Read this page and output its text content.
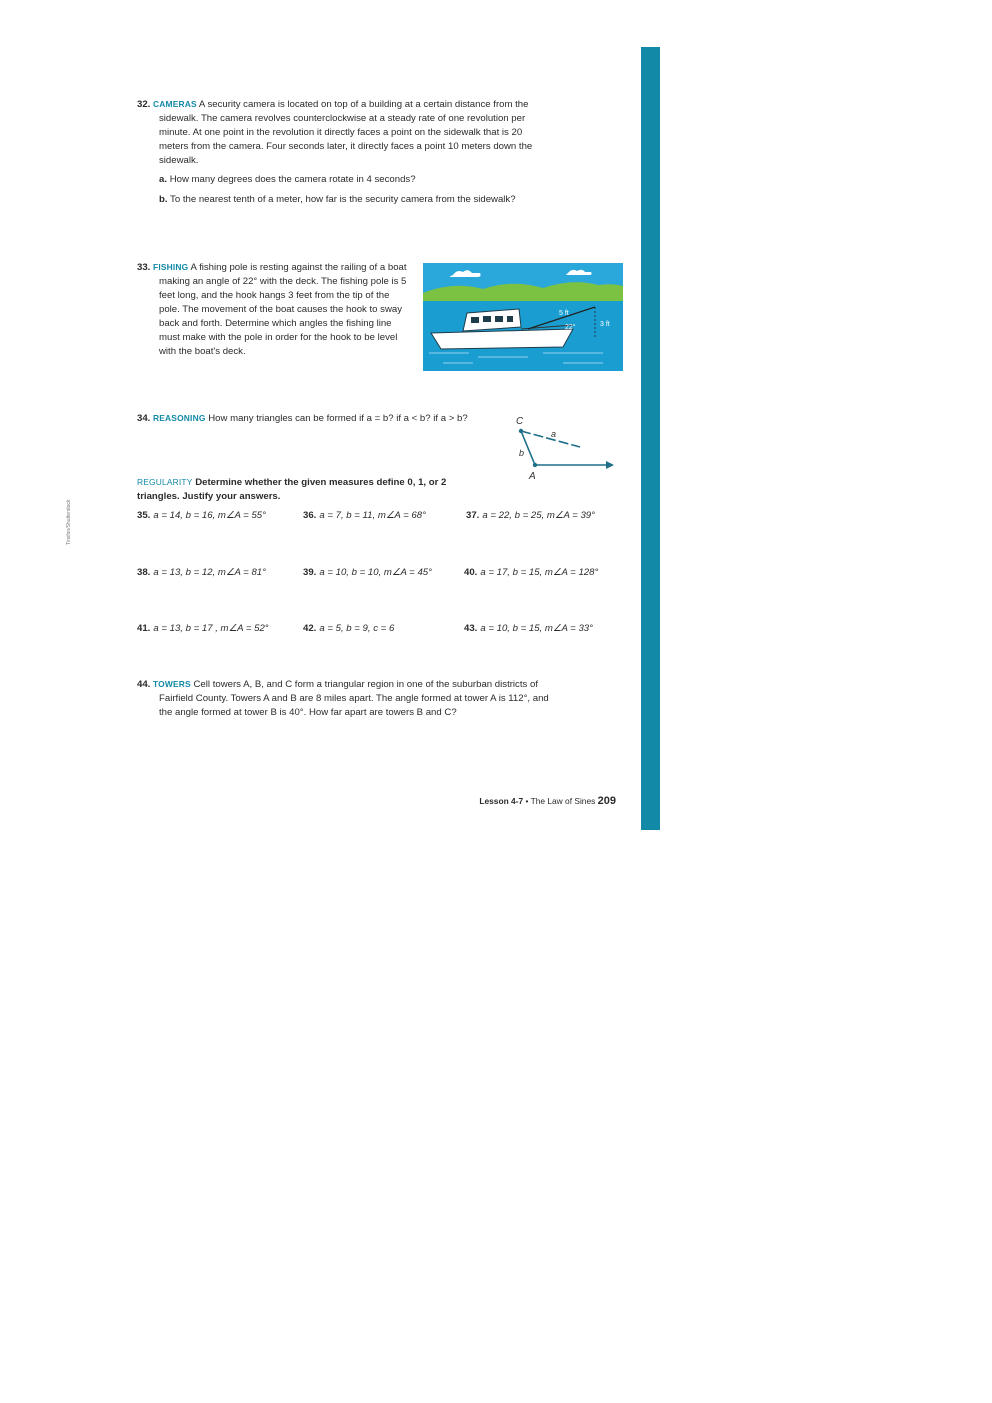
Tinxfon/Shutterstock
32. CAMERAS A security camera is located on top of a building at a certain distance from the sidewalk. The camera revolves counterclockwise at a steady rate of one revolution per minute. At one point in the revolution it directly faces a point on the sidewalk that is 20 meters from the camera. Four seconds later, it directly faces a point 10 meters down the sidewalk.
a. How many degrees does the camera rotate in 4 seconds?
b. To the nearest tenth of a meter, how far is the security camera from the sidewalk?
33. FISHING A fishing pole is resting against the railing of a boat making an angle of 22° with the deck. The fishing pole is 5 feet long, and the hook hangs 3 feet from the tip of the pole. The movement of the boat causes the hook to sway back and forth. Determine which angles the fishing line must make with the pole in order for the hook to be level with the boat's deck.
5 ft
22°	3 ft
34. REASONING How many triangles can be formed if a = b? if a < b? if a > b?	C
a
b
A
REGULARITY Determine whether the given measures define 0, 1, or 2 triangles. Justify your answers.
35. a = 14, b = 16, m∠A = 55°	36. a = 7, b = 11, m∠A = 68°	37. a = 22, b = 25, m∠A = 39°
38. a = 13, b = 12, m∠A = 81°	39. a = 10, b = 10, m∠A = 45°	40. a = 17, b = 15, m∠A = 128°
41. a = 13, b = 17 , m∠A = 52°	42. a = 5, b = 9, c = 6	43. a = 10, b = 15, m∠A = 33°
44. TOWERS Cell towers A, B, and C form a triangular region in one of the suburban districts of Fairfield County. Towers A and B are 8 miles apart. The angle formed at tower A is 112°, and the angle formed at tower B is 40°. How far apart are towers B and C?
Lesson 4-7 • The Law of Sines 209
